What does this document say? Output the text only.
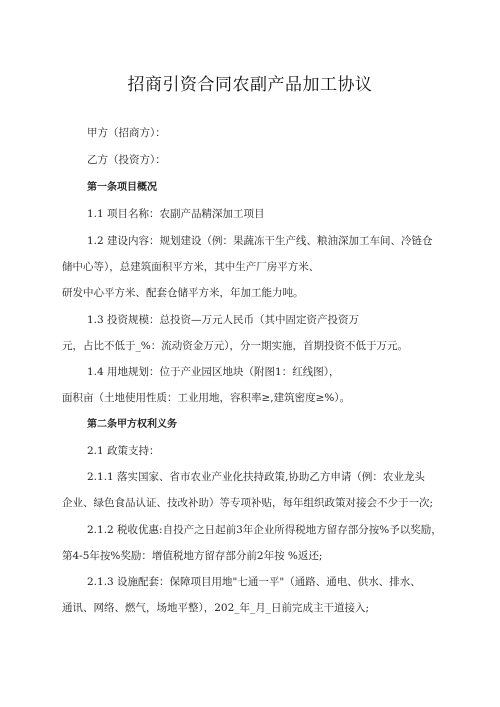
招商引资合同农副产品加工协议
甲方（招商方）：
乙方（投资方）：
第一条项目概况
1.1 项目名称：农副产品精深加工项目
1.2 建设内容：规划建设（例：果蔬冻干生产线、粮油深加工车间、冷链仓
储中心等），总建筑面积平方米，其中生产厂房平方米、
研发中心平方米、配套仓储平方米，年加工能力吨。
1.3 投资规模：总投资—万元人民币（其中固定资产投资万
元，占比不低于_%：流动资金万元），分一期实施，首期投资不低于万元。
1.4 用地规划：位于产业园区地块（附图1：红线图），
面积亩（土地使用性质：工业用地，容积率≥,建筑密度≥%）。
第二条甲方权利义务
2.1 政策支持：
2.1.1 落实国家、省市农业产业化扶持政策,协助乙方申请（例：农业龙头
企业、绿色食品认证、技改补助）等专项补贴，每年组织政策对接会不少于一次;
2.1.2 税收优惠:自投产之日起前3年企业所得税地方留存部分按%予以奖励，
第4-5年按%奖励：增值税地方留存部分前2年按 %返还;
2.1.3 设施配套：保障项目用地"七通一平"（通路、通电、供水、排水、
通讯、网络、燃气，场地平整），202_年_月_日前完成主干道接入;
